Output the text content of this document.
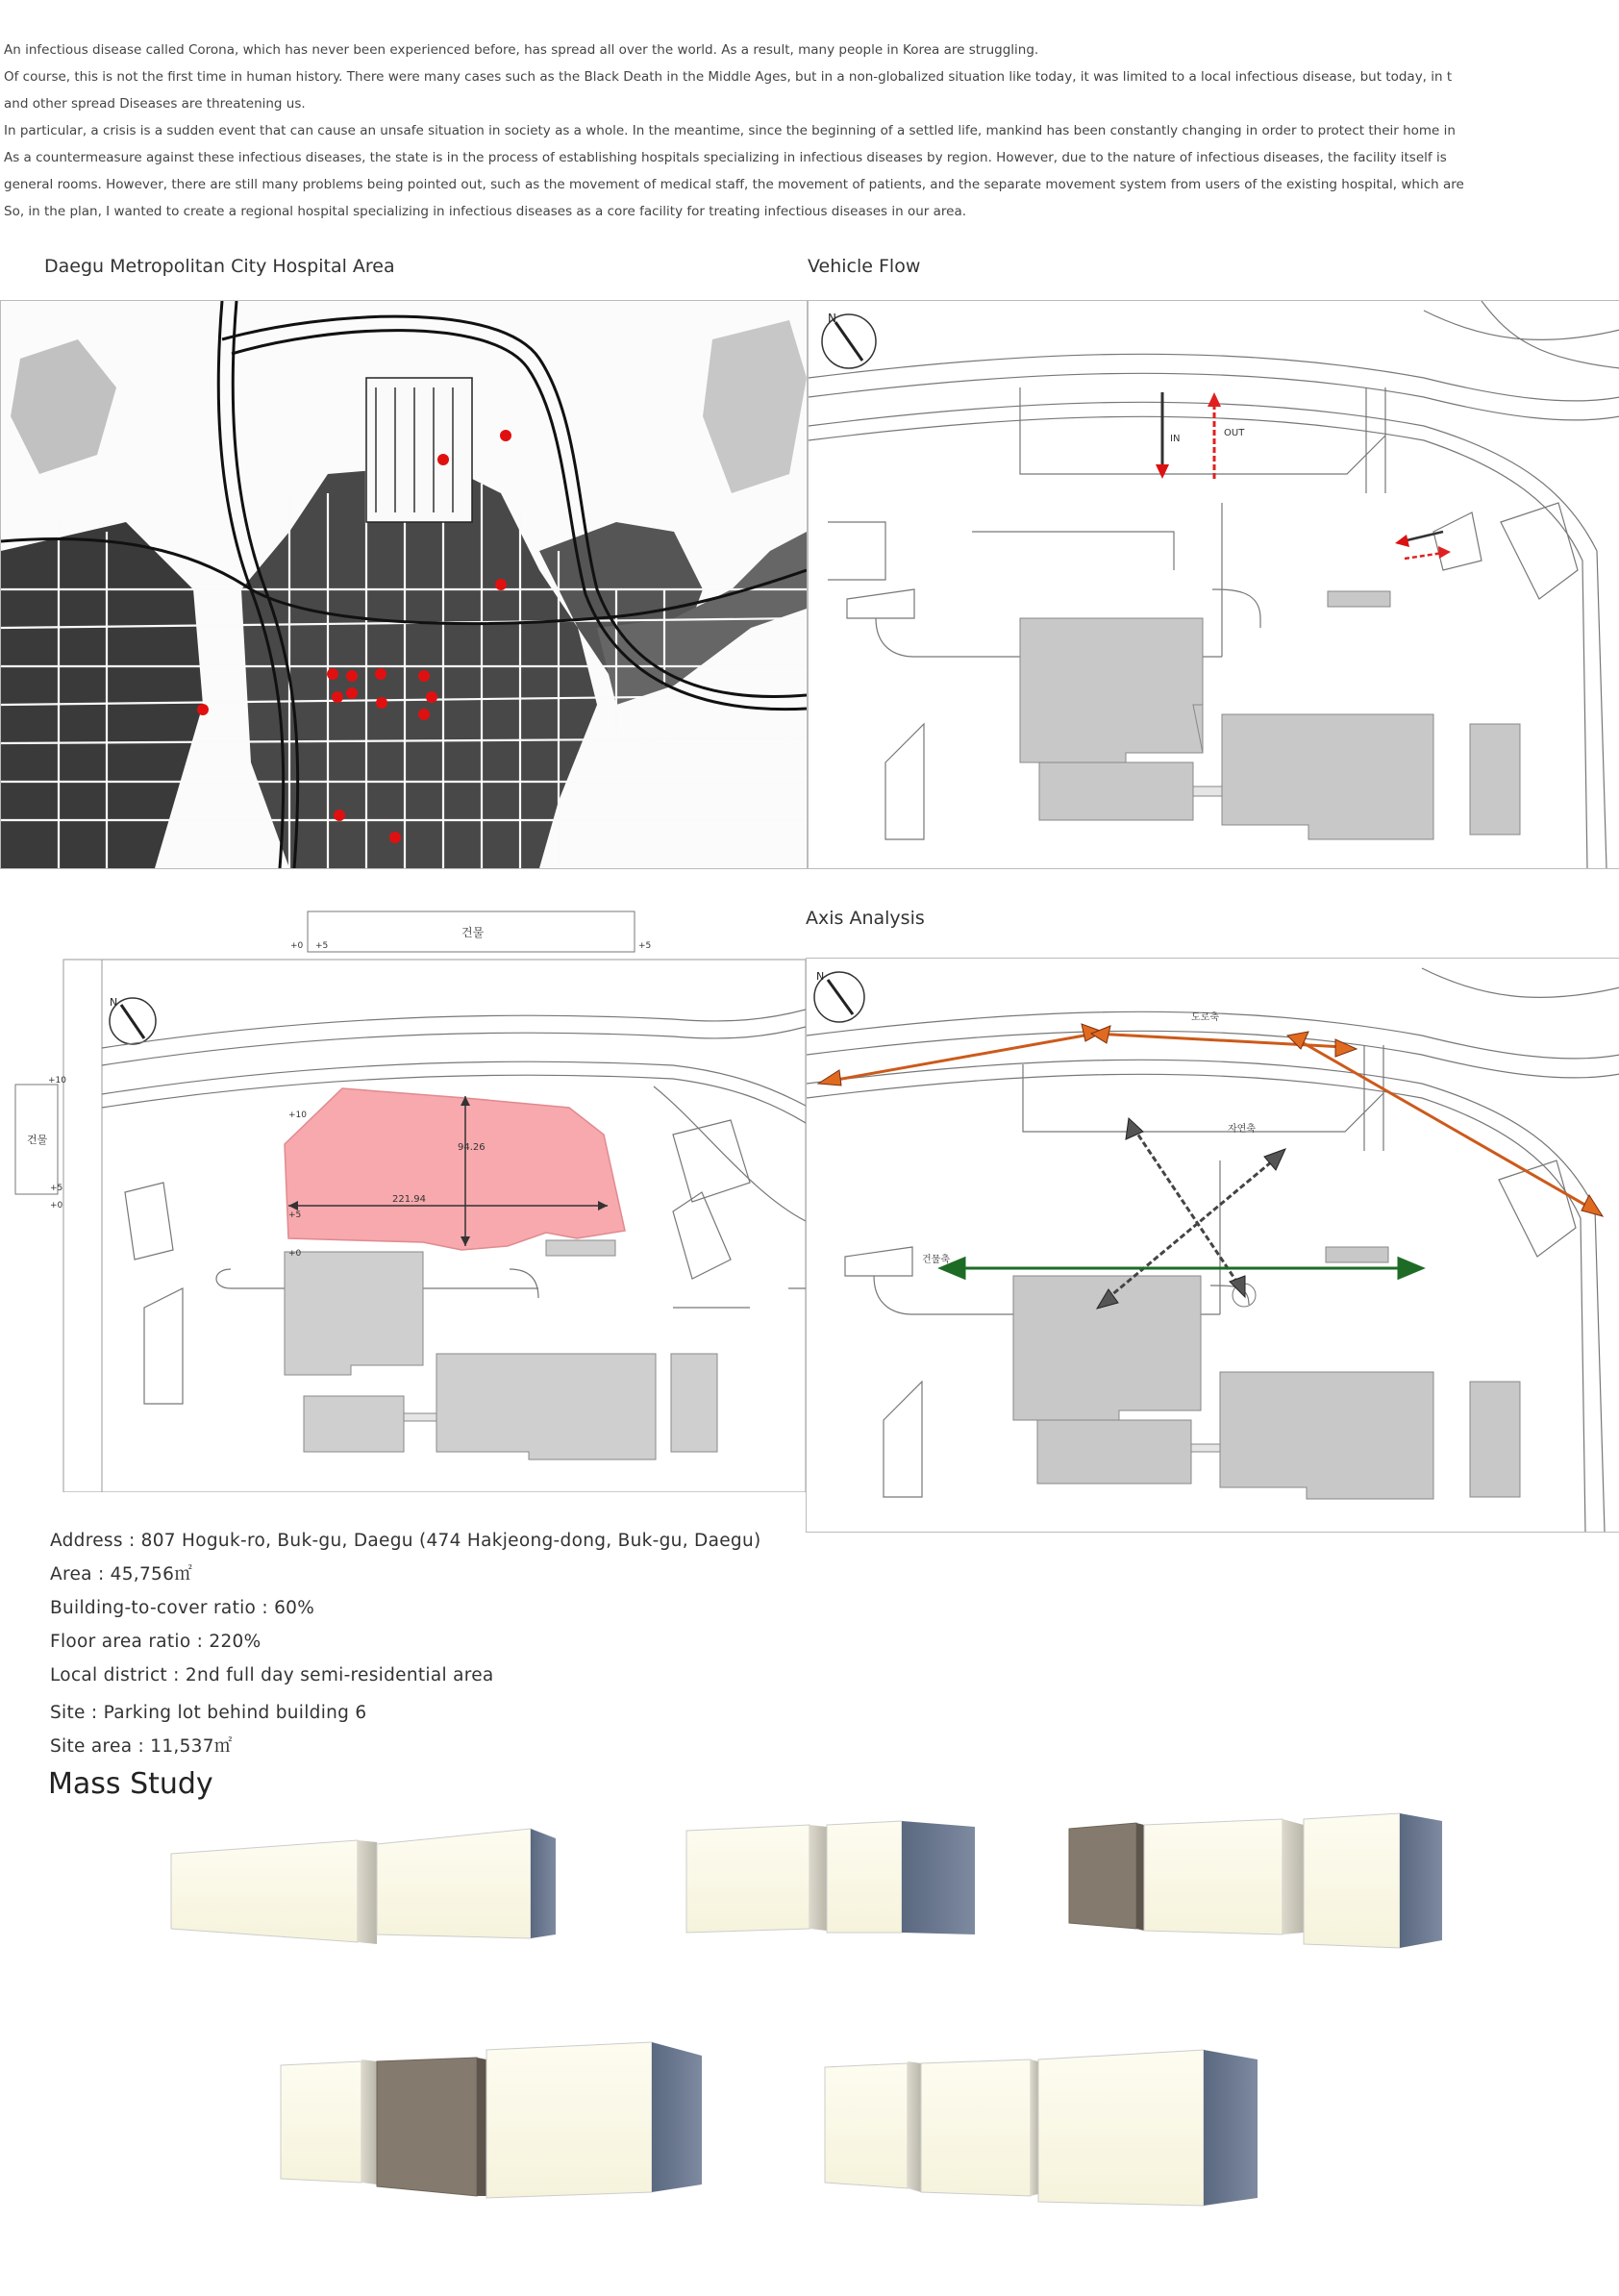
An infectious disease called Corona, which has never been experienced before, has spread all over the world. As a result, many people in Korea are struggling.

Of course, this is not the first time in human history. There were many cases such as the Black Death in the Middle Ages, but in a non-globalized situation like today, it was limited to a local infectious disease, but today, in t

and other spread Diseases are threatening us.

In particular, a crisis is a sudden event that can cause an unsafe situation in society as a whole. In the meantime, since the beginning of a settled life, mankind has been constantly changing in order to protect their home in

As a countermeasure against these infectious diseases, the state is in the process of establishing hospitals specializing in infectious diseases by region. However, due to the nature of infectious diseases, the facility itself is

general rooms. However, there are still many problems being pointed out, such as the movement of medical staff, the movement of patients, and the separate movement system from users of the existing hospital, which are

So, in the plan, I wanted to create a regional hospital specializing in infectious diseases as a core facility for treating infectious diseases in our area.

Daegu Metropolitan City Hospital Area	Vehicle Flow
Axis Analysis
N
IN
OUT
건물
+0 +5	+5
건물
+10
+5
+0
N
221.94
94.26
+10
+5
+0
N
도로축
자연축
건물축

Address : 807 Hoguk-ro, Buk-gu, Daegu (474 Hakjeong-dong, Buk-gu, Daegu)

Area : 45,756㎡

Building-to-cover ratio : 60%

Floor area ratio : 220%

Local district : 2nd full day semi-residential area

Site : Parking lot behind building 6

Site area : 11,537㎡

Mass Study
